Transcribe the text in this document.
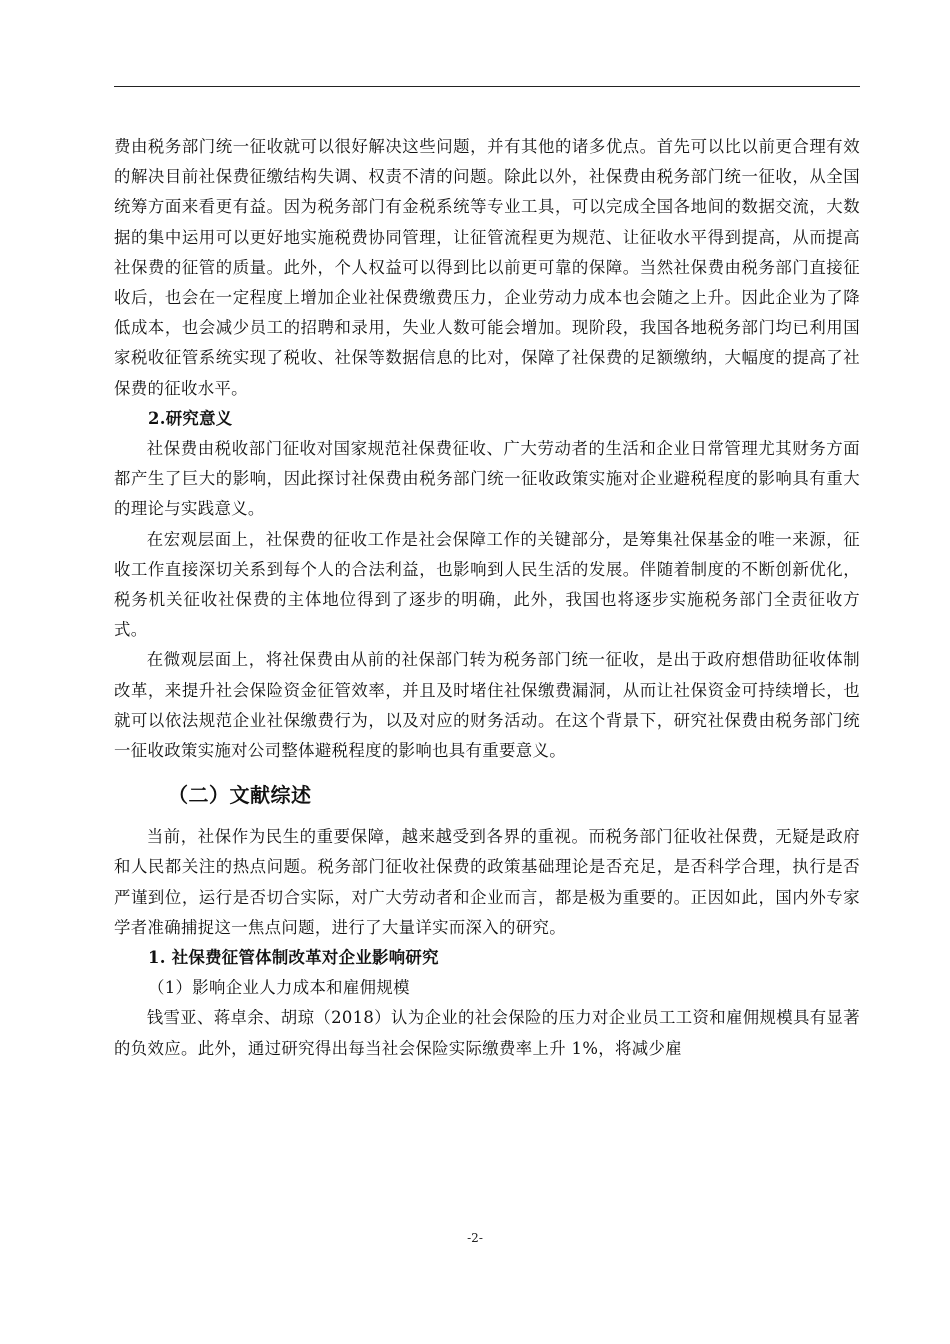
费由税务部门统一征收就可以很好解决这些问题，并有其他的诸多优点。首先可以比以前更合理有效的解决目前社保费征缴结构失调、权责不清的问题。除此以外，社保费由税务部门统一征收，从全国统筹方面来看更有益。因为税务部门有金税系统等专业工具，可以完成全国各地间的数据交流，大数据的集中运用可以更好地实施税费协同管理，让征管流程更为规范、让征收水平得到提高，从而提高社保费的征管的质量。此外，个人权益可以得到比以前更可靠的保障。当然社保费由税务部门直接征收后，也会在一定程度上增加企业社保费缴费压力，企业劳动力成本也会随之上升。因此企业为了降低成本，也会减少员工的招聘和录用，失业人数可能会增加。现阶段，我国各地税务部门均已利用国家税收征管系统实现了税收、社保等数据信息的比对，保障了社保费的足额缴纳，大幅度的提高了社保费的征收水平。

2.研究意义

社保费由税收部门征收对国家规范社保费征收、广大劳动者的生活和企业日常管理尤其财务方面都产生了巨大的影响，因此探讨社保费由税务部门统一征收政策实施对企业避税程度的影响具有重大的理论与实践意义。

在宏观层面上，社保费的征收工作是社会保障工作的关键部分，是筹集社保基金的唯一来源，征收工作直接深切关系到每个人的合法利益，也影响到人民生活的发展。伴随着制度的不断创新优化，税务机关征收社保费的主体地位得到了逐步的明确，此外，我国也将逐步实施税务部门全责征收方式。

在微观层面上，将社保费由从前的社保部门转为税务部门统一征收，是出于政府想借助征收体制改革，来提升社会保险资金征管效率，并且及时堵住社保缴费漏洞，从而让社保资金可持续增长，也就可以依法规范企业社保缴费行为，以及对应的财务活动。在这个背景下，研究社保费由税务部门统一征收政策实施对公司整体避税程度的影响也具有重要意义。

（二）文献综述

当前，社保作为民生的重要保障，越来越受到各界的重视。而税务部门征收社保费，无疑是政府和人民都关注的热点问题。税务部门征收社保费的政策基础理论是否充足，是否科学合理，执行是否严谨到位，运行是否切合实际，对广大劳动者和企业而言，都是极为重要的。正因如此，国内外专家学者准确捕捉这一焦点问题，进行了大量详实而深入的研究。

1. 社保费征管体制改革对企业影响研究

（1）影响企业人力成本和雇佣规模

钱雪亚、蒋卓余、胡琼（2018）认为企业的社会保险的压力对企业员工工资和雇佣规模具有显著的负效应。此外，通过研究得出每当社会保险实际缴费率上升 1%，将减少雇

-2-
